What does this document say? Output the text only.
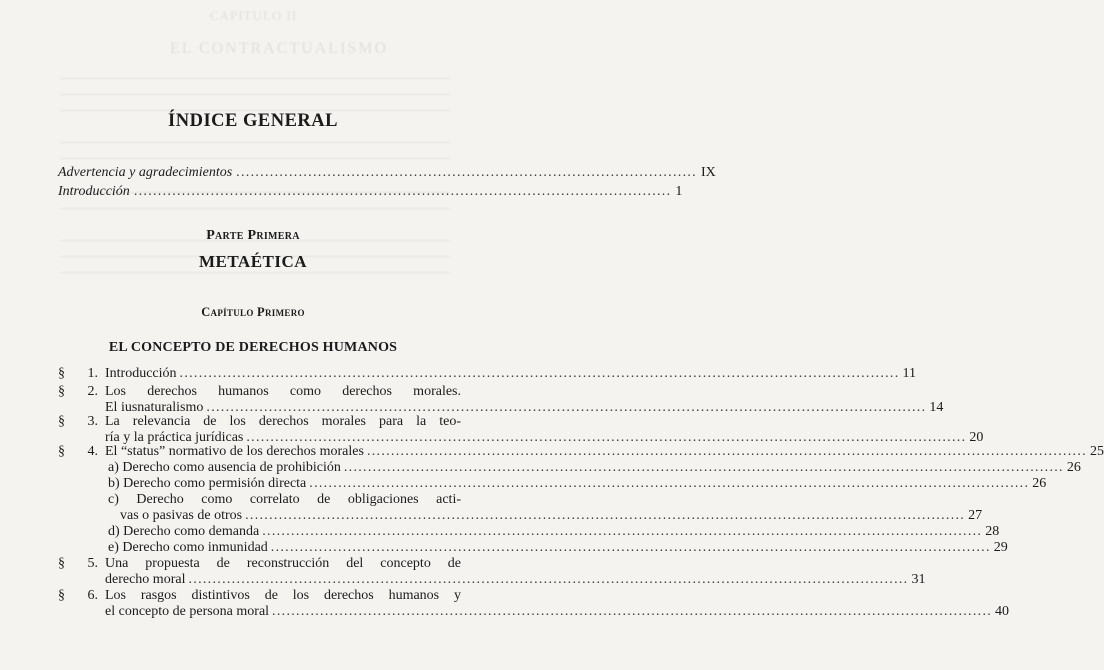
CAPITULO II
EL CONTRACTUALISMO
ÍNDICE GENERAL
Advertencia y agradecimientos ................................................................................................ IX
Introducción ................................................................................................................ 1
Parte Primera
METAÉTICA
Capítulo Primero
EL CONCEPTO DE DERECHOS HUMANOS
§	1. Introducción ...................................................................................................................................................... 11
§	2. Los derechos humanos como derechos morales.
El iusnaturalismo ...................................................................................................................................................... 14
§	3. La relevancia de los derechos morales para la teo-
ría y la práctica jurídicas ...................................................................................................................................................... 20
§	4. El “status” normativo de los derechos morales ...................................................................................................................................................... 25
a) Derecho como ausencia de prohibición ...................................................................................................................................................... 26
b) Derecho como permisión directa ...................................................................................................................................................... 26
c) Derecho como correlato de obligaciones acti-
vas o pasivas de otros ...................................................................................................................................................... 27
d) Derecho como demanda ...................................................................................................................................................... 28
e) Derecho como inmunidad ...................................................................................................................................................... 29
§	5. Una propuesta de reconstrucción del concepto de
derecho moral ...................................................................................................................................................... 31
§	6. Los rasgos distintivos de los derechos humanos y
el concepto de persona moral ...................................................................................................................................................... 40
